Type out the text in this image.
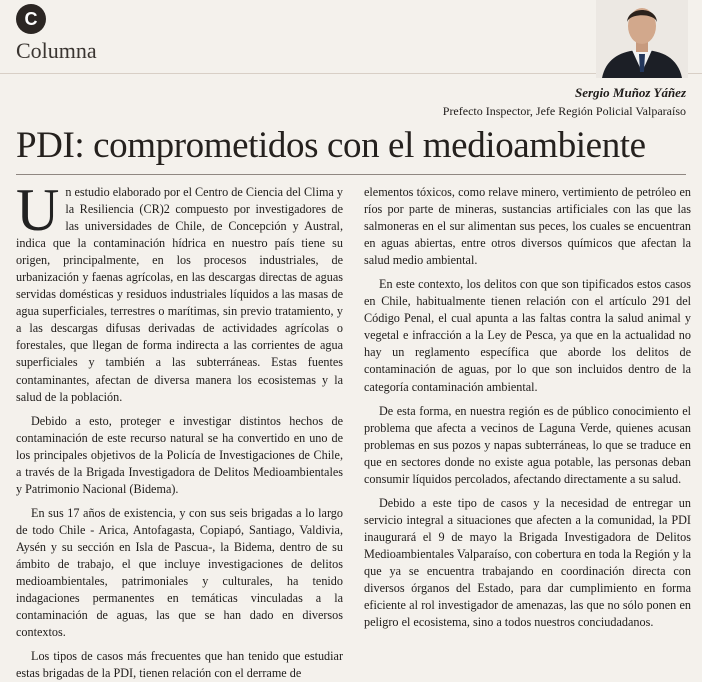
C
Columna
Sergio Muñoz Yáñez
Prefecto Inspector, Jefe Región Policial Valparaíso
PDI: comprometidos con el medioambiente

Un estudio elaborado por el Centro de Ciencia del Clima y la Resiliencia (CR)2 compuesto por investigadores de las universidades de Chile, de Concepción y Austral, indica que la contaminación hídrica en nuestro país tiene su origen, principalmente, en los procesos industriales, de urbanización y faenas agrícolas, en las descargas directas de aguas servidas domésticas y residuos industriales líquidos a las masas de agua superficiales, terrestres o marítimas, sin previo tratamiento, y a las descargas difusas derivadas de actividades agrícolas o forestales, que llegan de forma indirecta a las corrientes de agua superficiales y también a las subterráneas. Estas fuentes contaminantes, afectan de diversa manera los ecosistemas y la salud de la población.

Debido a esto, proteger e investigar distintos hechos de contaminación de este recurso natural se ha convertido en uno de los principales objetivos de la Policía de Investigaciones de Chile, a través de la Brigada Investigadora de Delitos Medioambientales y Patrimonio Nacional (Bidema).

En sus 17 años de existencia, y con sus seis brigadas a lo largo de todo Chile - Arica, Antofagasta, Copiapó, Santiago, Valdivia, Aysén y su sección en Isla de Pascua-, la Bidema, dentro de su ámbito de trabajo, el que incluye investigaciones de delitos medioambientales, patrimoniales y culturales, ha tenido indagaciones permanentes en temáticas vinculadas a la contaminación de aguas, las que se han dado en diversos contextos.

Los tipos de casos más frecuentes que han tenido que estudiar estas brigadas de la PDI, tienen relación con el derrame de

elementos tóxicos, como relave minero, vertimiento de petróleo en ríos por parte de mineras, sustancias artificiales con las que las salmoneras en el sur alimentan sus peces, los cuales se encuentran en aguas abiertas, entre otros diversos químicos que afectan la salud medio ambiental.

En este contexto, los delitos con que son tipificados estos casos en Chile, habitualmente tienen relación con el artículo 291 del Código Penal, el cual apunta a las faltas contra la salud animal y vegetal e infracción a la Ley de Pesca, ya que en la actualidad no hay un reglamento específica que aborde los delitos de contaminación de aguas, por lo que son incluidos dentro de la categoría contaminación ambiental.

De esta forma, en nuestra región es de público conocimiento el problema que afecta a vecinos de Laguna Verde, quienes acusan problemas en sus pozos y napas subterráneas, lo que se traduce en que en sectores donde no existe agua potable, las personas deban consumir líquidos percolados, afectando directamente a su salud.

Debido a este tipo de casos y la necesidad de entregar un servicio integral a situaciones que afecten a la comunidad, la PDI inaugurará el 9 de mayo la Brigada Investigadora de Delitos Medioambientales Valparaíso, con cobertura en toda la Región y la que ya se encuentra trabajando en coordinación directa con diversos órganos del Estado, para dar cumplimiento en forma eficiente al rol investigador de amenazas, las que no sólo ponen en peligro el ecosistema, sino a todos nuestros conciudadanos.
